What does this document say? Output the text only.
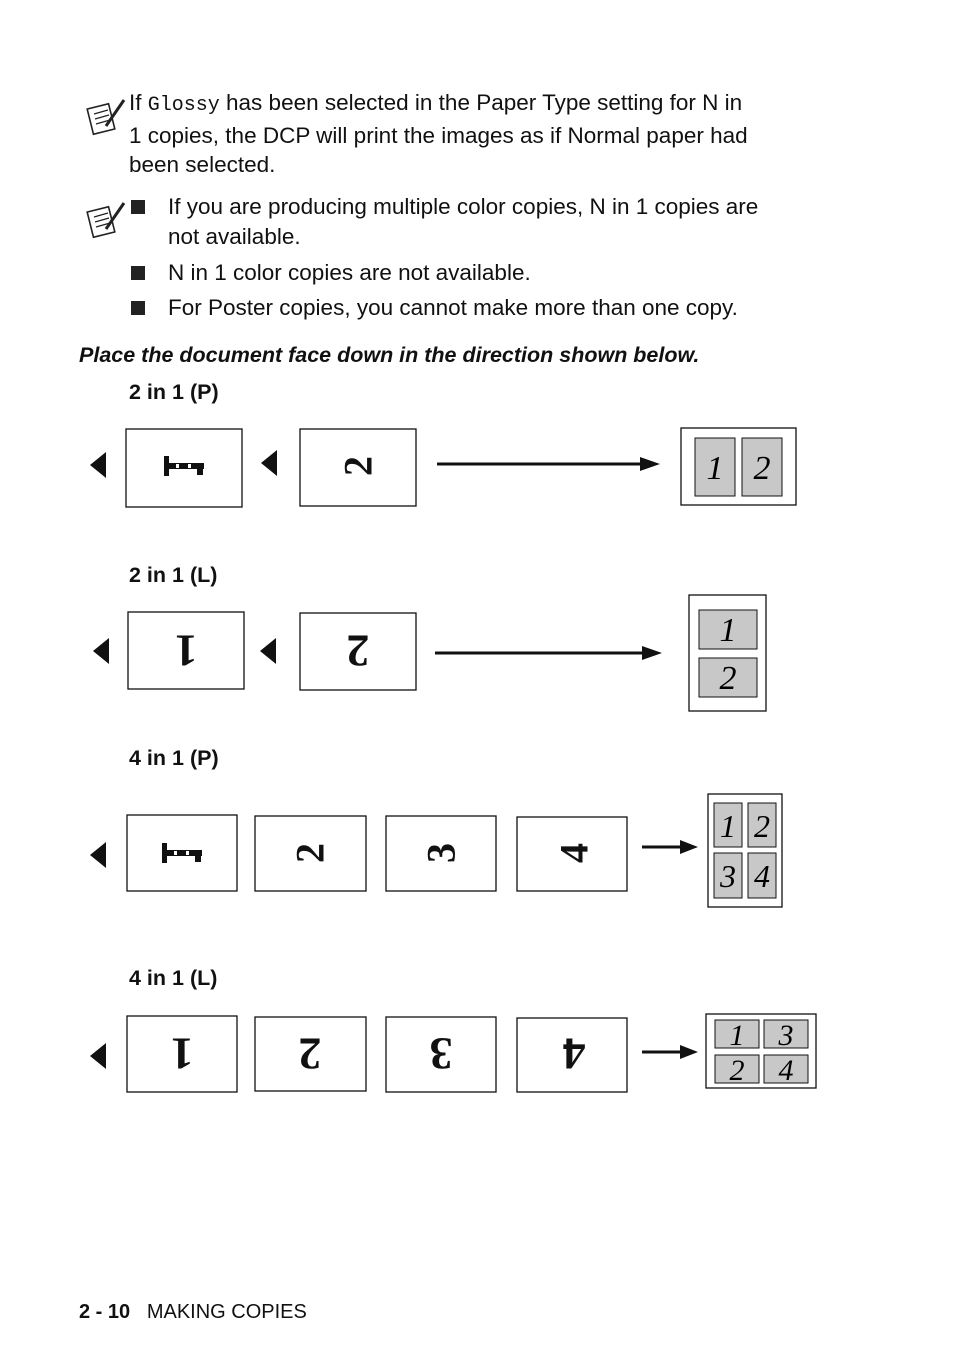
If Glossy has been selected in the Paper Type setting for N in
1 copies, the DCP will print the images as if Normal paper had
been selected.
If you are producing multiple color copies, N in 1 copies are
not available.
N in 1 color copies are not available.
For Poster copies, you cannot make more than one copy.
Place the document face down in the direction shown below.
2 in 1 (P)
2 in 1 (L)
4 in 1 (P)
4 in 1 (L)
2	1 2
1	2	1
2
2 3 4
1 2
3 4
1 2 3 4	1 3
2 4
2 - 10 MAKING COPIES
